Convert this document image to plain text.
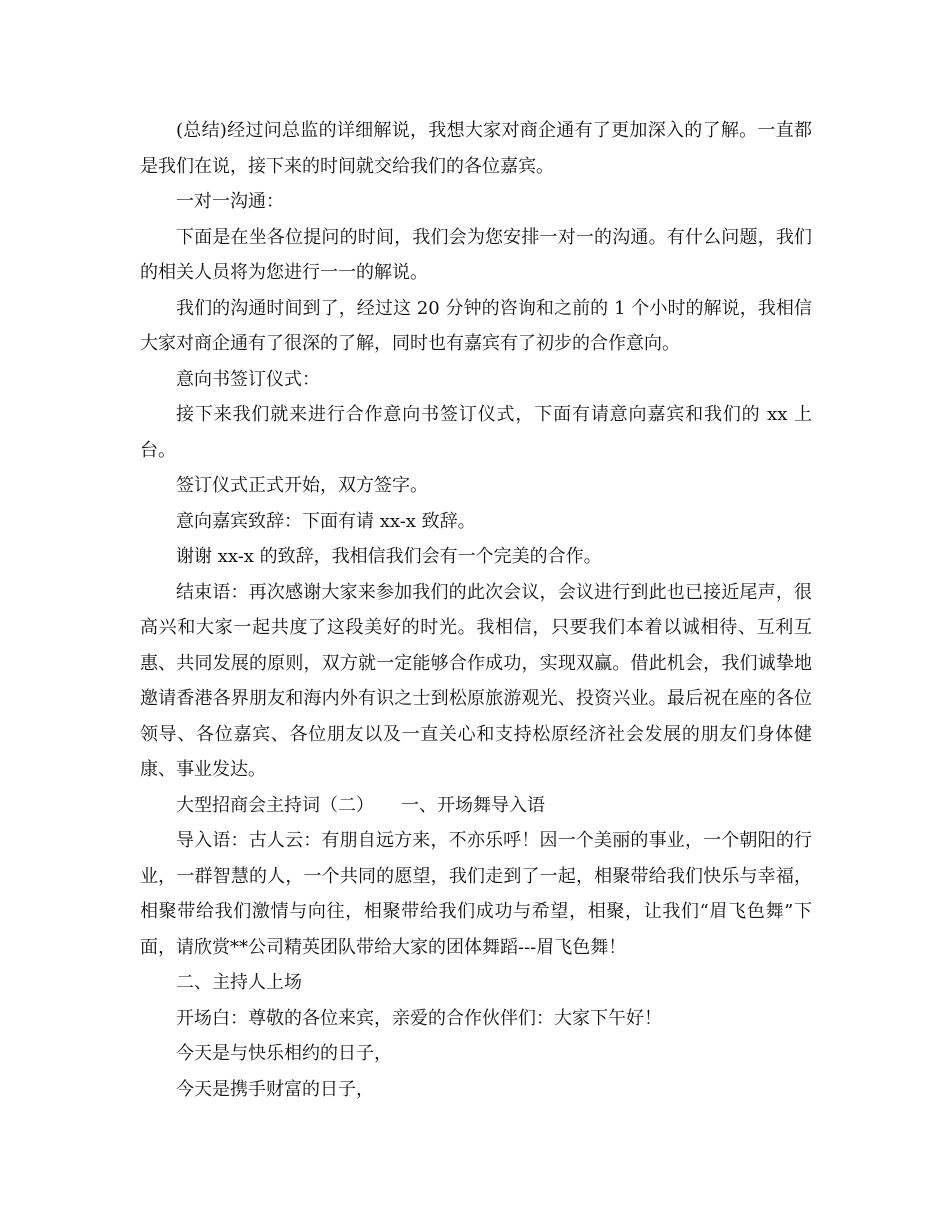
(总结)经过问总监的详细解说，我想大家对商企通有了更加深入的了解。一直都是我们在说，接下来的时间就交给我们的各位嘉宾。

一对一沟通：

下面是在坐各位提问的时间，我们会为您安排一对一的沟通。有什么问题，我们的相关人员将为您进行一一的解说。

我们的沟通时间到了，经过这 20 分钟的咨询和之前的 1 个小时的解说，我相信大家对商企通有了很深的了解，同时也有嘉宾有了初步的合作意向。

意向书签订仪式：

接下来我们就来进行合作意向书签订仪式，下面有请意向嘉宾和我们的 xx 上台。

签订仪式正式开始，双方签字。

意向嘉宾致辞：下面有请 xx-x 致辞。

谢谢 xx-x 的致辞，我相信我们会有一个完美的合作。

结束语：再次感谢大家来参加我们的此次会议，会议进行到此也已接近尾声，很高兴和大家一起共度了这段美好的时光。我相信，只要我们本着以诚相待、互利互惠、共同发展的原则，双方就一定能够合作成功，实现双赢。借此机会，我们诚挚地邀请香港各界朋友和海内外有识之士到松原旅游观光、投资兴业。最后祝在座的各位领导、各位嘉宾、各位朋友以及一直关心和支持松原经济社会发展的朋友们身体健康、事业发达。

大型招商会主持词（二）　　一、开场舞导入语

导入语：古人云：有朋自远方来，不亦乐呼！因一个美丽的事业，一个朝阳的行业，一群智慧的人，一个共同的愿望，我们走到了一起，相聚带给我们快乐与幸福，相聚带给我们激情与向往，相聚带给我们成功与希望，相聚，让我们“眉飞色舞”下面，请欣赏**公司精英团队带给大家的团体舞蹈---眉飞色舞！

二、主持人上场

开场白：尊敬的各位来宾，亲爱的合作伙伴们：大家下午好！

今天是与快乐相约的日子，

今天是携手财富的日子，
